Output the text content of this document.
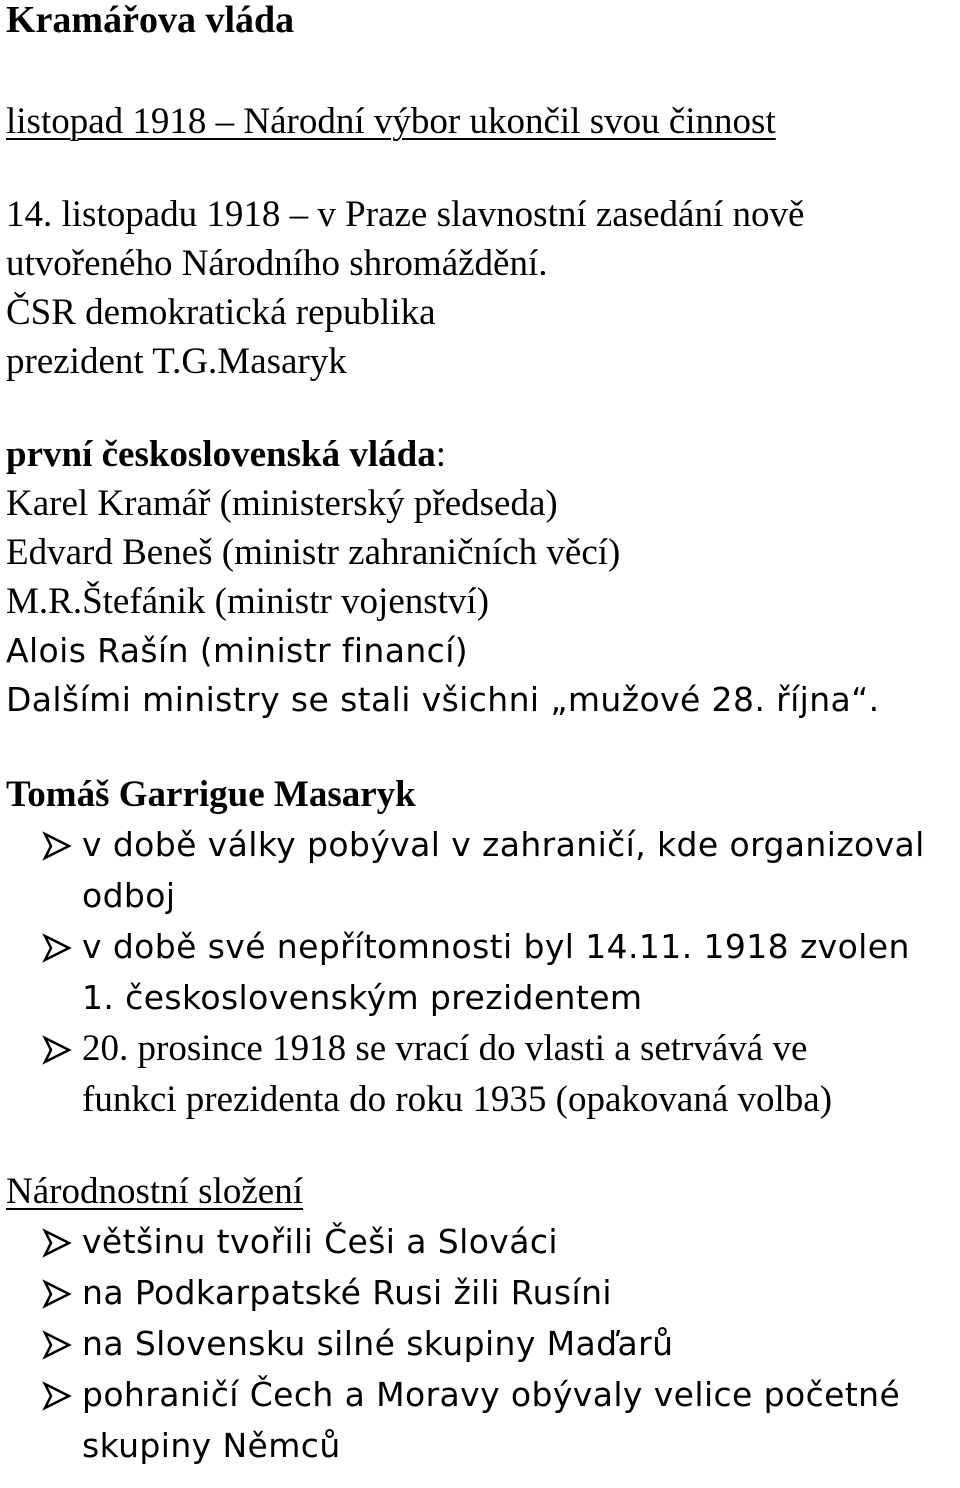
Kramářova vláda
listopad 1918 – Národní výbor ukončil svou činnost
14. listopadu 1918 – v Praze slavnostní zasedání nově
utvořeného Národního shromáždění.
ČSR demokratická republika
prezident T.G.Masaryk
první československá vláda:
Karel Kramář (ministerský předseda)
Edvard Beneš (ministr zahraničních věcí)
M.R.Štefánik (ministr vojenství)
Alois Rašín (ministr financí)
Dalšími ministry se stali všichni „mužové 28. října“.
Tomáš Garrigue Masaryk
v době války pobýval v zahraničí, kde organizoval
odboj
v době své nepřítomnosti byl 14.11. 1918 zvolen
1. československým prezidentem
20. prosince 1918 se vrací do vlasti a setrvává ve
funkci prezidenta do roku 1935 (opakovaná volba)
Národnostní složení
většinu tvořili Češi a Slováci
na Podkarpatské Rusi žili Rusíni
na Slovensku silné skupiny Maďarů
pohraničí Čech a Moravy obývaly velice početné
skupiny Němců
